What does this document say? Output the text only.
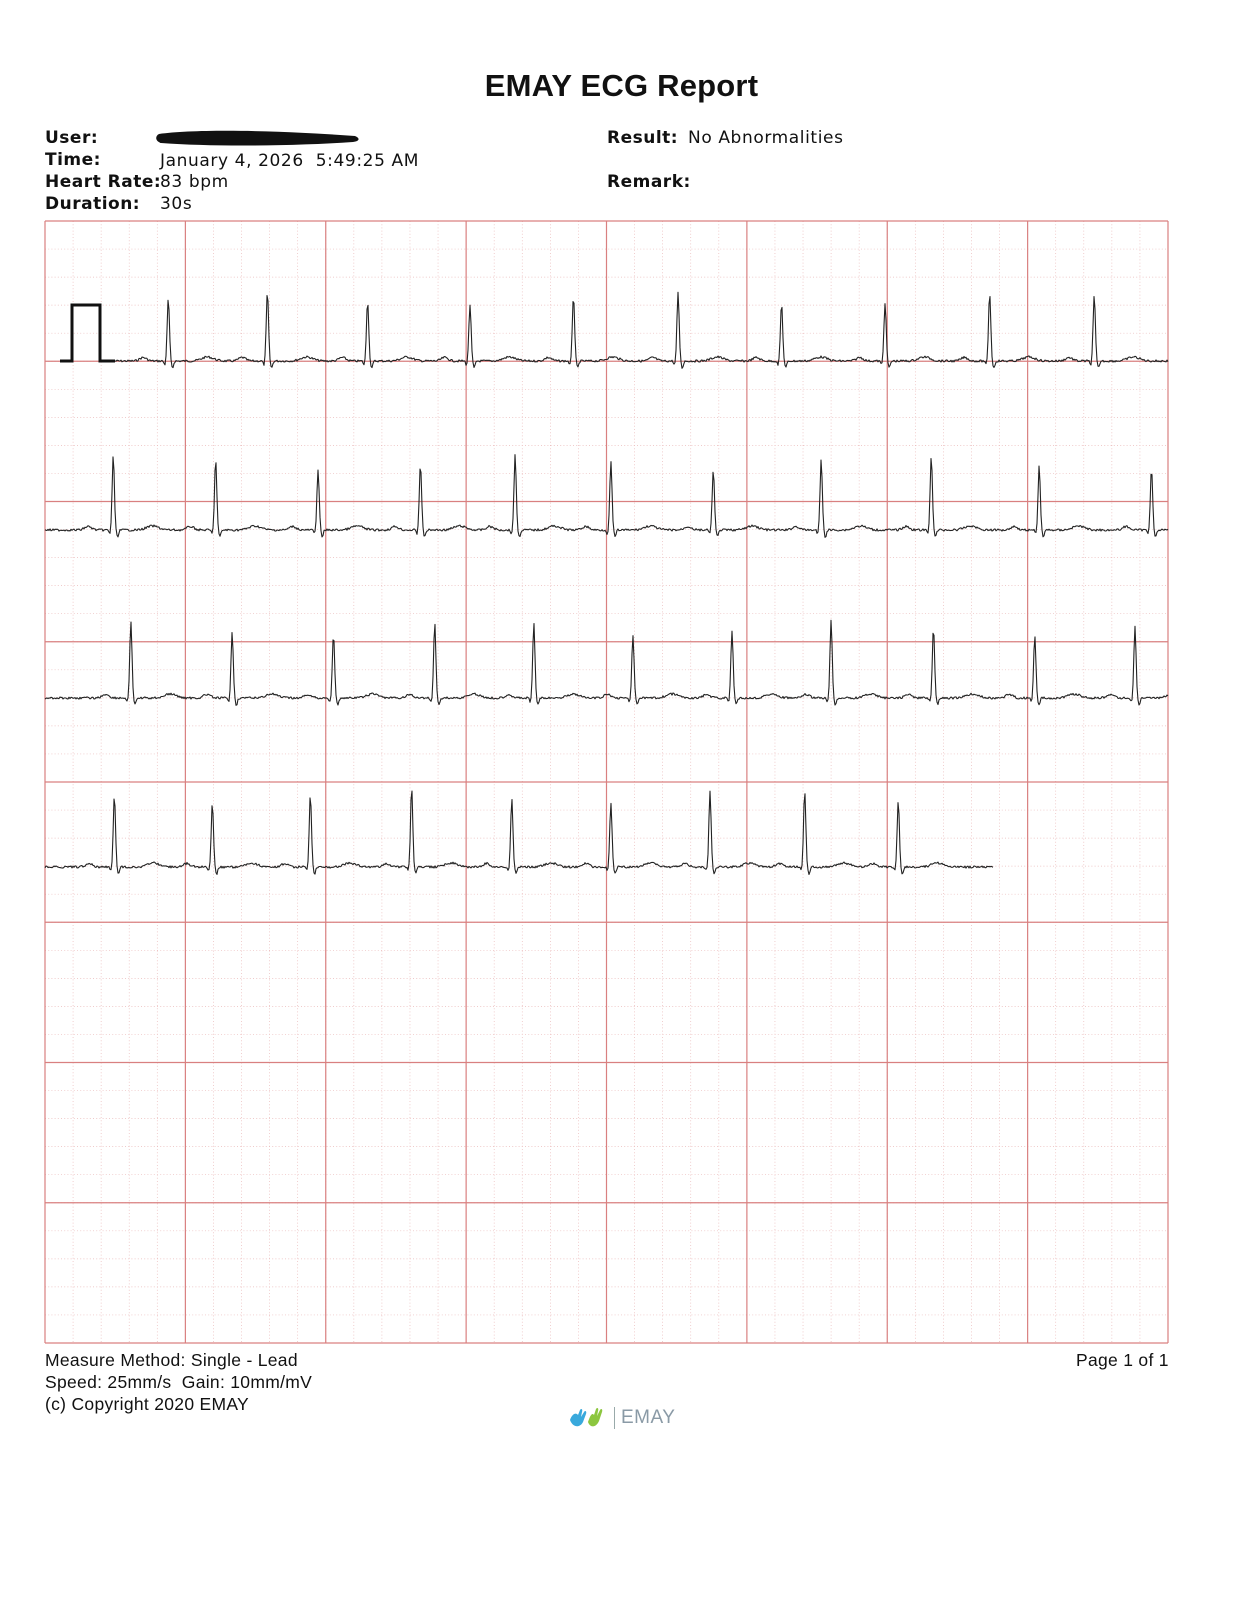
EMAY ECG Report
User:
Time:	January 4, 2026  5:49:25 AM
Heart Rate:
83 bpm
Duration: 30s
Result: No Abnormalities
Remark:
Measure Method: Single - Lead
Speed: 25mm/s  Gain: 10mm/mV
(c) Copyright 2020 EMAY
Page 1 of 1
EMAY
